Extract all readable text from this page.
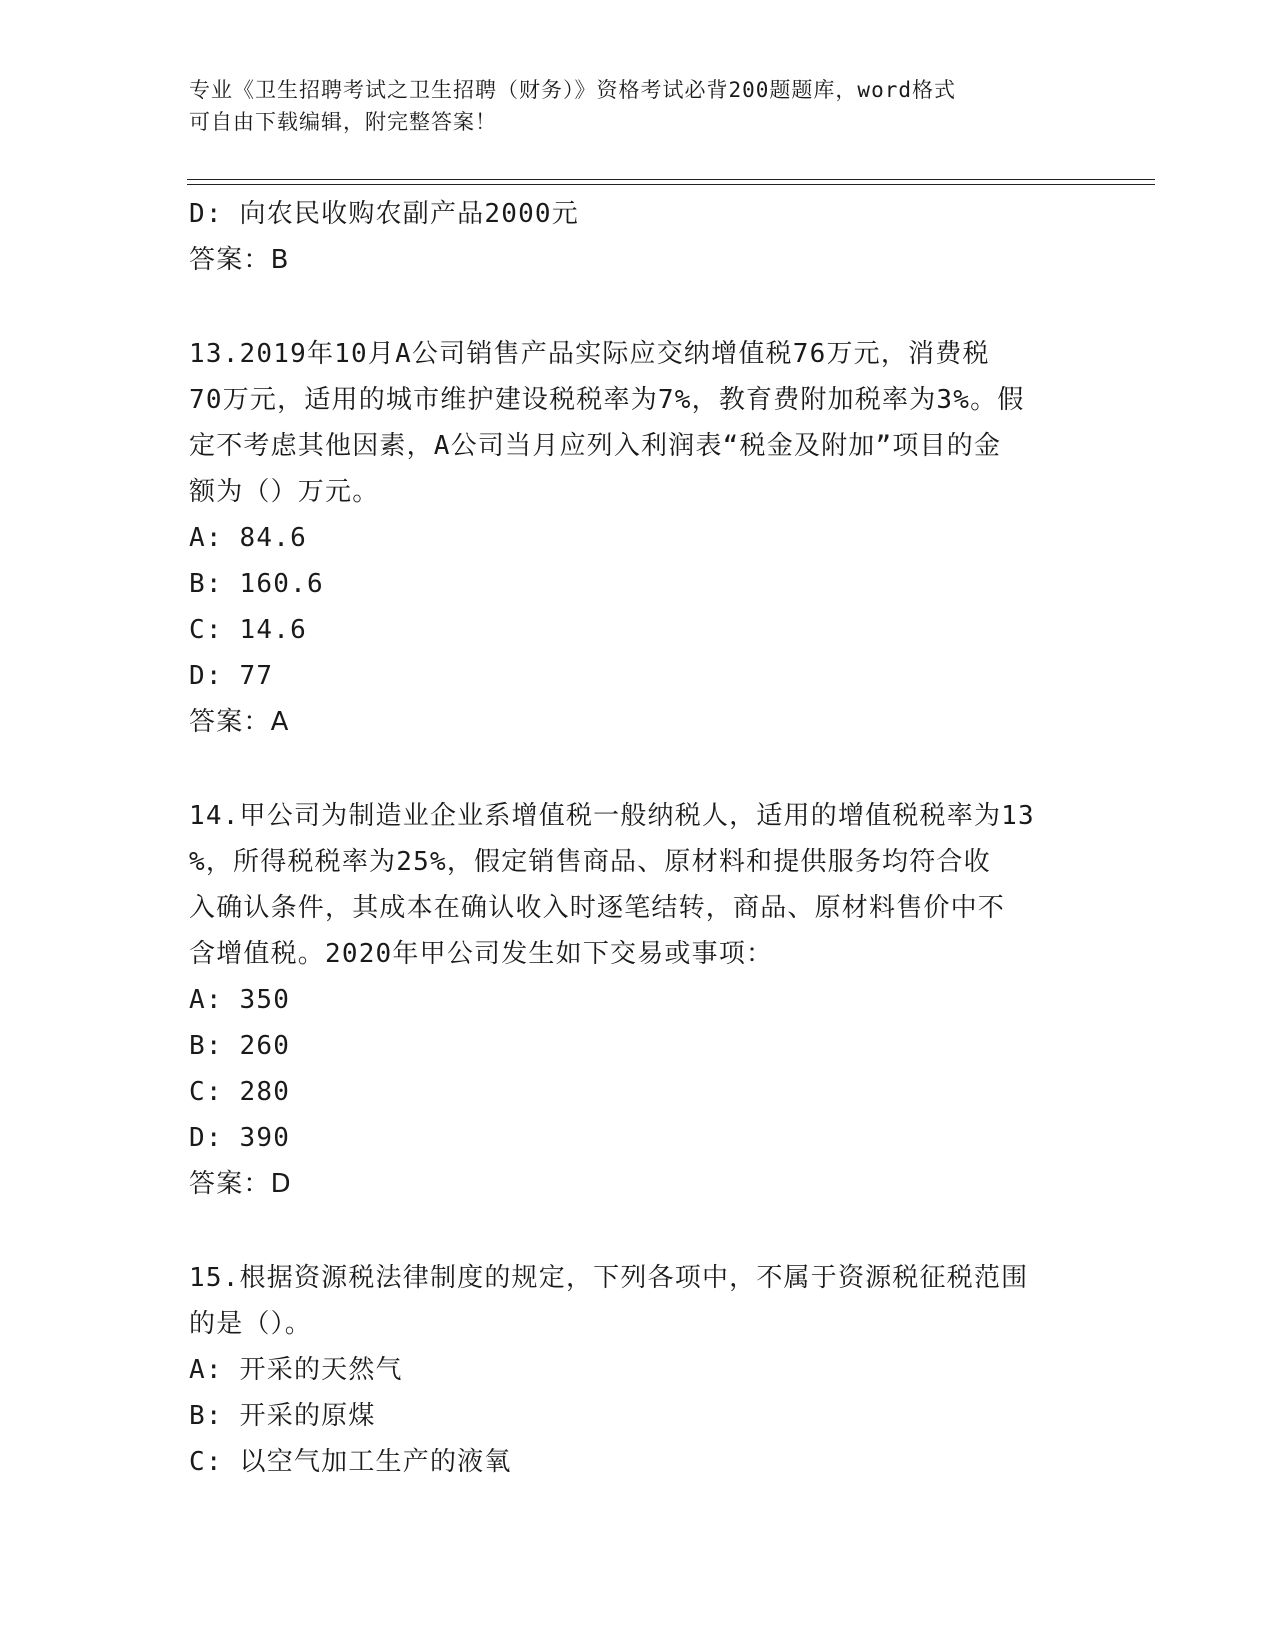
专业《卫生招聘考试之卫生招聘（财务）》资格考试必背200题题库，word格式
可自由下载编辑，附完整答案！
D: 向农民收购农副产品2000元
答案：B
13.2019年10月A公司销售产品实际应交纳增值税76万元，消费税
70万元，适用的城市维护建设税税率为7%，教育费附加税率为3%。假
定不考虑其他因素，A公司当月应列入利润表“税金及附加”项目的金
额为（）万元。
A: 84.6
B: 160.6
C: 14.6
D: 77
答案：A
14.甲公司为制造业企业系增值税一般纳税人，适用的增值税税率为13
%，所得税税率为25%，假定销售商品、原材料和提供服务均符合收
入确认条件，其成本在确认收入时逐笔结转，商品、原材料售价中不
含增值税。2020年甲公司发生如下交易或事项：
A: 350
B: 260
C: 280
D: 390
答案：D
15.根据资源税法律制度的规定，下列各项中，不属于资源税征税范围
的是（）。
A: 开采的天然气
B: 开采的原煤
C: 以空气加工生产的液氧
